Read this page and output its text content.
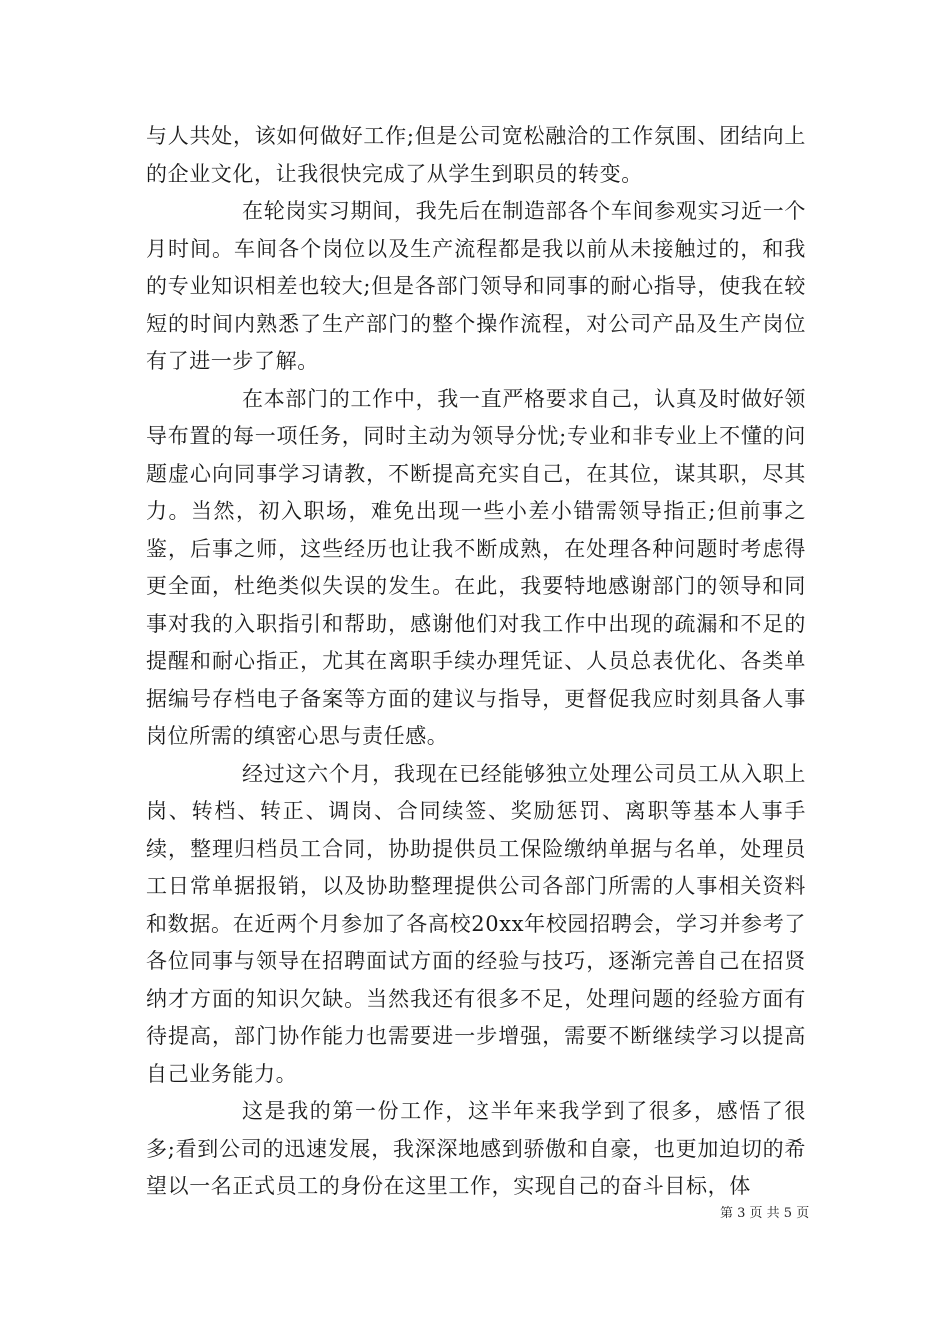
与人共处，该如何做好工作;但是公司宽松融洽的工作氛围、团结向上的企业文化，让我很快完成了从学生到职员的转变。

在轮岗实习期间，我先后在制造部各个车间参观实习近一个月时间。车间各个岗位以及生产流程都是我以前从未接触过的，和我的专业知识相差也较大;但是各部门领导和同事的耐心指导，使我在较短的时间内熟悉了生产部门的整个操作流程，对公司产品及生产岗位有了进一步了解。

在本部门的工作中，我一直严格要求自己，认真及时做好领导布置的每一项任务，同时主动为领导分忧;专业和非专业上不懂的问题虚心向同事学习请教，不断提高充实自己，在其位，谋其职，尽其力。当然，初入职场，难免出现一些小差小错需领导指正;但前事之鉴，后事之师，这些经历也让我不断成熟，在处理各种问题时考虑得更全面，杜绝类似失误的发生。在此，我要特地感谢部门的领导和同事对我的入职指引和帮助，感谢他们对我工作中出现的疏漏和不足的提醒和耐心指正，尤其在离职手续办理凭证、人员总表优化、各类单据编号存档电子备案等方面的建议与指导，更督促我应时刻具备人事岗位所需的缜密心思与责任感。

经过这六个月，我现在已经能够独立处理公司员工从入职上岗、转档、转正、调岗、合同续签、奖励惩罚、离职等基本人事手续，整理归档员工合同，协助提供员工保险缴纳单据与名单，处理员工日常单据报销，以及协助整理提供公司各部门所需的人事相关资料和数据。在近两个月参加了各高校20xx年校园招聘会，学习并参考了各位同事与领导在招聘面试方面的经验与技巧，逐渐完善自己在招贤纳才方面的知识欠缺。当然我还有很多不足，处理问题的经验方面有待提高，部门协作能力也需要进一步增强，需要不断继续学习以提高自己业务能力。

这是我的第一份工作，这半年来我学到了很多，感悟了很多;看到公司的迅速发展，我深深地感到骄傲和自豪，也更加迫切的希望以一名正式员工的身份在这里工作，实现自己的奋斗目标，体

第 3 页 共 5 页
